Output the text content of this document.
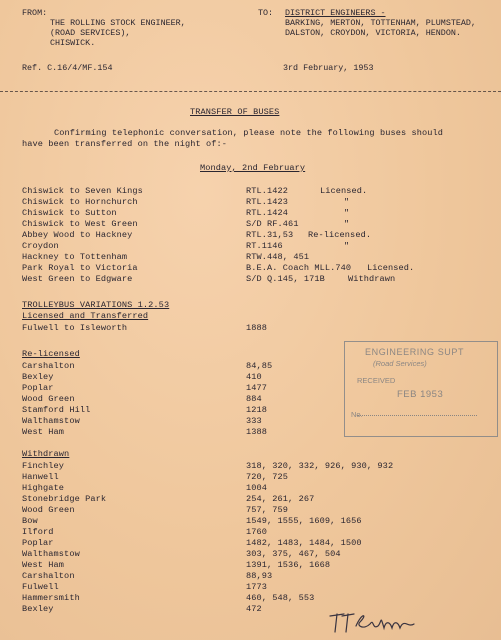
FROM:
THE ROLLING STOCK ENGINEER,
(ROAD SERVICES),
CHISWICK.
TO: DISTRICT ENGINEERS -
BARKING, MERTON, TOTTENHAM, PLUMSTEAD,
DALSTON, CROYDON, VICTORIA, HENDON.
Ref. C.16/4/MF.154	3rd February, 1953
TRANSFER OF BUSES
Confirming telephonic conversation, please note the following buses should
have been transferred on the night of:-
Monday, 2nd February
Chiswick to Seven Kings	RTL.1422	Licensed.
Chiswick to Hornchurch	RTL.1423	"
Chiswick to Sutton	RTL.1424	"
Chiswick to West Green	S/D RF.461	"
Abbey Wood to Hackney	RTL.31,53 Re-licensed.
Croydon	RT.1146	"
Hackney to Tottenham	RTW.448, 451
Park Royal to Victoria	B.E.A. Coach MLL.740 Licensed.
West Green to Edgware	S/D Q.145, 171B	Withdrawn
TROLLEYBUS VARIATIONS 1.2.53
Licensed and Transferred
Fulwell to Isleworth	1888
Re-licensed
Carshalton	84,85
Bexley	410
Poplar	1477
Wood Green	884
Stamford Hill	1218
Walthamstow	333
West Ham	1388
Withdrawn
Finchley	318, 320, 332, 926, 930, 932
Hanwell	720, 725
Highgate	1004
Stonebridge Park	254, 261, 267
Wood Green	757, 759
Bow	1549, 1555, 1609, 1656
Ilford	1760
Poplar	1482, 1483, 1484, 1500
Walthamstow	303, 375, 467, 504
West Ham	1391, 1536, 1668
Carshalton	88,93
Fulwell	1773
Hammersmith	460, 548, 553
Bexley	472
ENGINEERING SUPT
(Road Services)
RECEIVED
FEB 1953
No.
